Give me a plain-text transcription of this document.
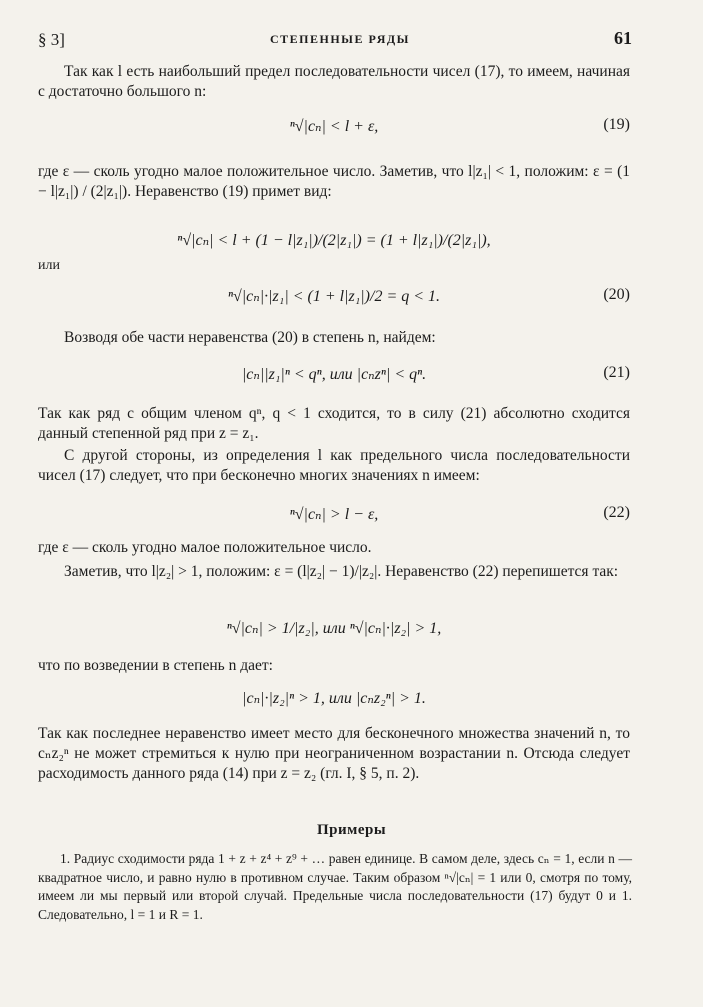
§ 3]	СТЕПЕННЫЕ РЯДЫ	61
Так как l есть наибольший предел последовательности чисел (17), то имеем, начиная с достаточно большого n:
ⁿ√|cₙ| < l + ε,	(19)
где ε — сколь угодно малое положительное число. Заметив, что l|z₁| < 1, положим: ε = (1 − l|z₁|) / (2|z₁|). Неравенство (19) примет вид:
ⁿ√|cₙ| < l + (1 − l|z₁|)/(2|z₁|) = (1 + l|z₁|)/(2|z₁|),
или
ⁿ√|cₙ|·|z₁| < (1 + l|z₁|)/2 = q < 1.	(20)
Возводя обе части неравенства (20) в степень n, найдем:
|cₙ||z₁|ⁿ < qⁿ, или |cₙzⁿ| < qⁿ.	(21)
Так как ряд с общим членом qⁿ, q < 1 сходится, то в силу (21) абсолютно сходится данный степенной ряд при z = z₁.
С другой стороны, из определения l как предельного числа последовательности чисел (17) следует, что при бесконечно многих значениях n имеем:
ⁿ√|cₙ| > l − ε,	(22)
где ε — сколь угодно малое положительное число.
Заметив, что l|z₂| > 1, положим: ε = (l|z₂| − 1)/|z₂|. Неравенство (22) перепишется так:
ⁿ√|cₙ| > 1/|z₂|, или ⁿ√|cₙ|·|z₂| > 1,
что по возведении в степень n дает:
|cₙ|·|z₂|ⁿ > 1, или |cₙz₂ⁿ| > 1.
Так как последнее неравенство имеет место для бесконечного множества значений n, то cₙz₂ⁿ не может стремиться к нулю при неограниченном возрастании n. Отсюда следует расходимость данного ряда (14) при z = z₂ (гл. I, § 5, п. 2).
Примеры
1. Радиус сходимости ряда 1 + z + z⁴ + z⁹ + … равен единице. В самом деле, здесь cₙ = 1, если n — квадратное число, и равно нулю в противном случае. Таким образом ⁿ√|cₙ| = 1 или 0, смотря по тому, имеем ли мы первый или второй случай. Предельные числа последовательности (17) будут 0 и 1. Следовательно, l = 1 и R = 1.
